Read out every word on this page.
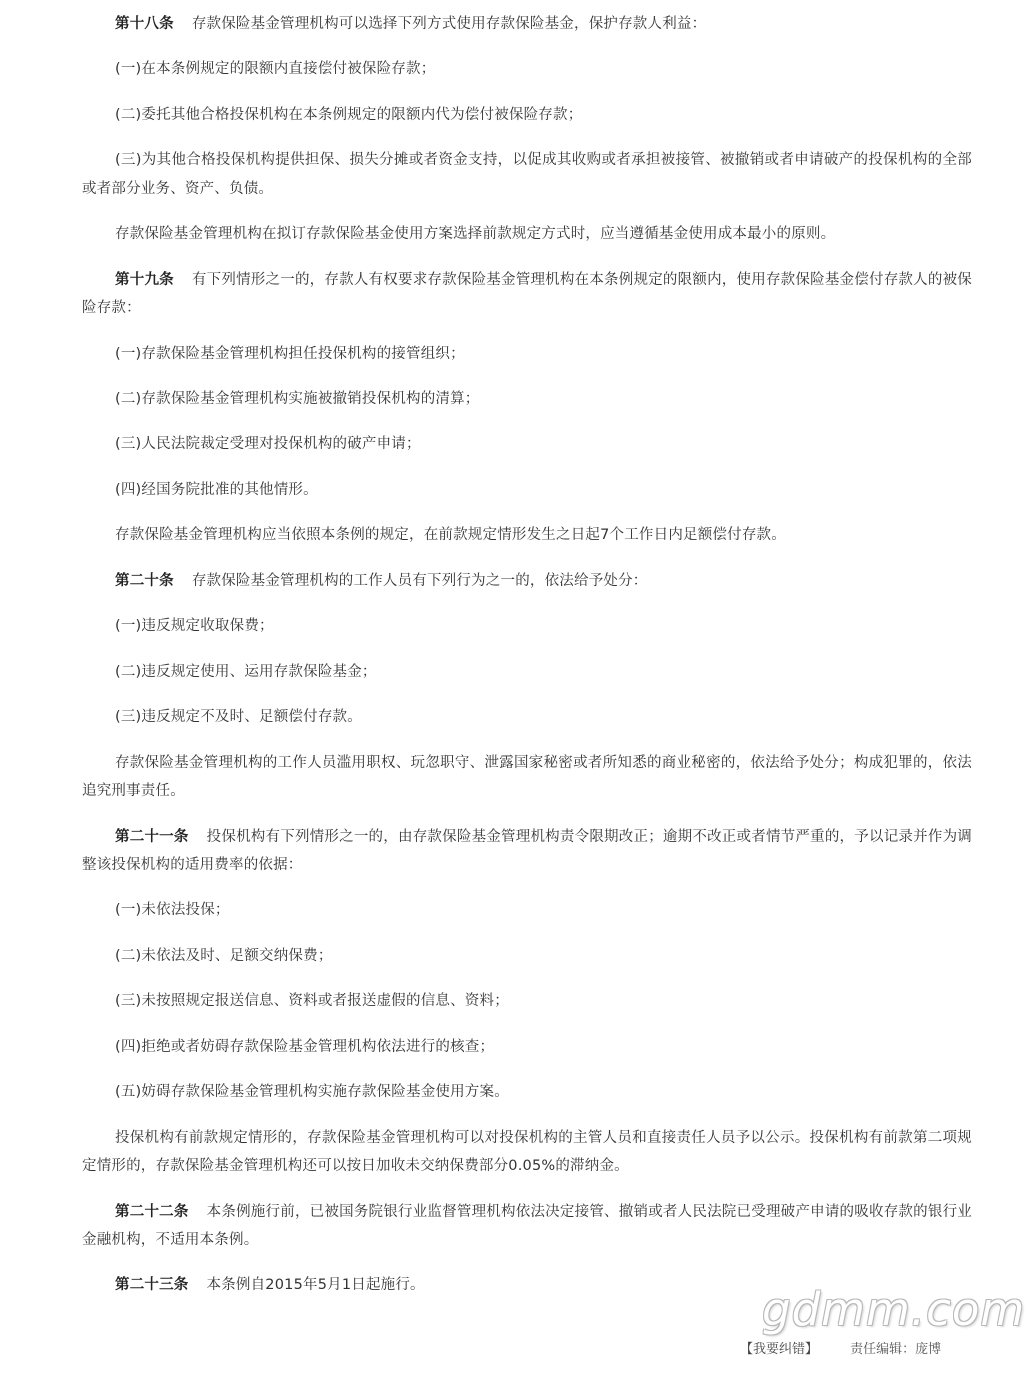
第十八条 存款保险基金管理机构可以选择下列方式使用存款保险基金，保护存款人利益：

(一)在本条例规定的限额内直接偿付被保险存款；

(二)委托其他合格投保机构在本条例规定的限额内代为偿付被保险存款；

(三)为其他合格投保机构提供担保、损失分摊或者资金支持，以促成其收购或者承担被接管、被撤销或者申请破产的投保机构的全部或者部分业务、资产、负债。

存款保险基金管理机构在拟订存款保险基金使用方案选择前款规定方式时，应当遵循基金使用成本最小的原则。

第十九条 有下列情形之一的，存款人有权要求存款保险基金管理机构在本条例规定的限额内，使用存款保险基金偿付存款人的被保险存款：

(一)存款保险基金管理机构担任投保机构的接管组织；

(二)存款保险基金管理机构实施被撤销投保机构的清算；

(三)人民法院裁定受理对投保机构的破产申请；

(四)经国务院批准的其他情形。

存款保险基金管理机构应当依照本条例的规定，在前款规定情形发生之日起7个工作日内足额偿付存款。

第二十条 存款保险基金管理机构的工作人员有下列行为之一的，依法给予处分：

(一)违反规定收取保费；

(二)违反规定使用、运用存款保险基金；

(三)违反规定不及时、足额偿付存款。

存款保险基金管理机构的工作人员滥用职权、玩忽职守、泄露国家秘密或者所知悉的商业秘密的，依法给予处分；构成犯罪的，依法追究刑事责任。

第二十一条 投保机构有下列情形之一的，由存款保险基金管理机构责令限期改正；逾期不改正或者情节严重的，予以记录并作为调整该投保机构的适用费率的依据：

(一)未依法投保；

(二)未依法及时、足额交纳保费；

(三)未按照规定报送信息、资料或者报送虚假的信息、资料；

(四)拒绝或者妨碍存款保险基金管理机构依法进行的核查；

(五)妨碍存款保险基金管理机构实施存款保险基金使用方案。

投保机构有前款规定情形的，存款保险基金管理机构可以对投保机构的主管人员和直接责任人员予以公示。投保机构有前款第二项规定情形的，存款保险基金管理机构还可以按日加收未交纳保费部分0.05%的滞纳金。

第二十二条 本条例施行前，已被国务院银行业监督管理机构依法决定接管、撤销或者人民法院已受理破产申请的吸收存款的银行业金融机构，不适用本条例。

第二十三条 本条例自2015年5月1日起施行。	gdmm.com
【我要纠错】 责任编辑：庞博
